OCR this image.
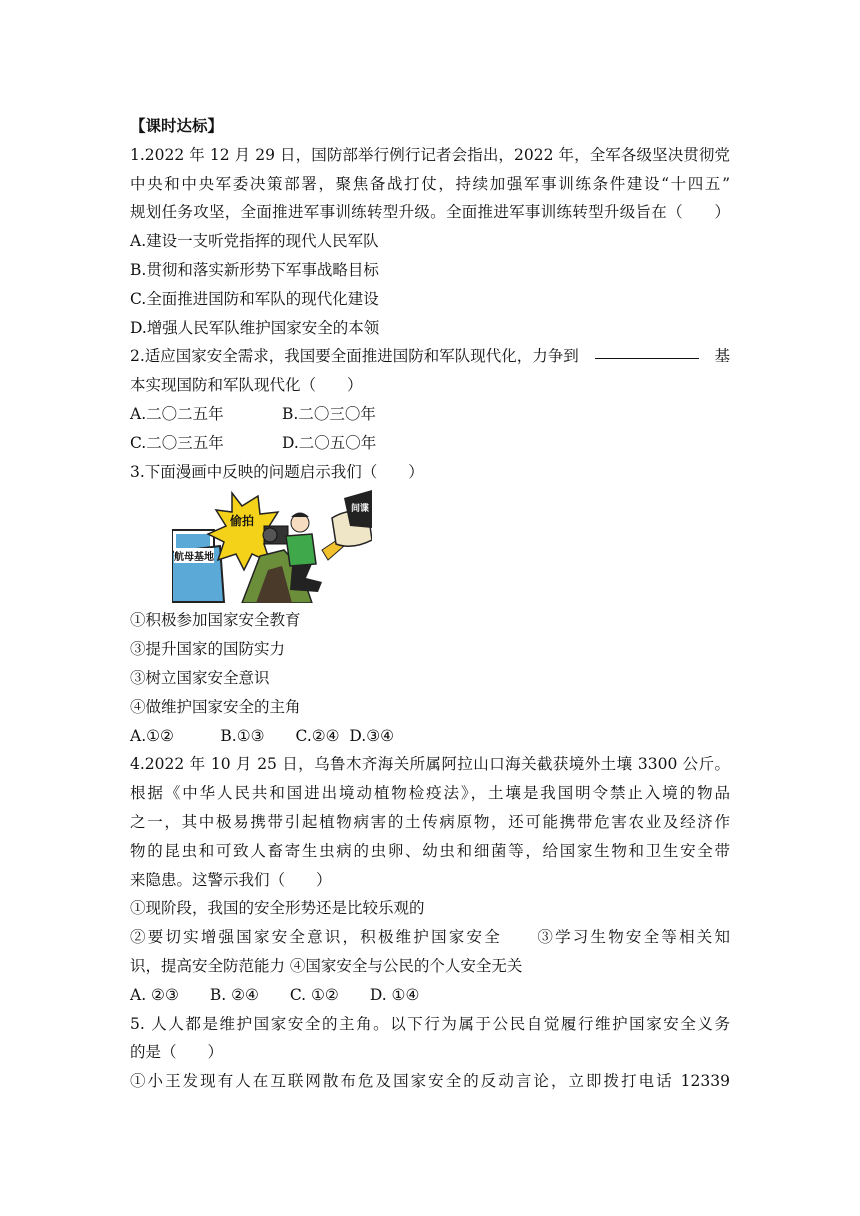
【课时达标】
1.2022 年 12 月 29 日，国防部举行例行记者会指出，2022 年，全军各级坚决贯彻党
中央和中央军委决策部署，聚焦备战打仗，持续加强军事训练条件建设“十四五”
规划任务攻坚，全面推进军事训练转型升级。全面推进军事训练转型升级旨在（　　）
A.建设一支听党指挥的现代人民军队
B.贯彻和落实新形势下军事战略目标
C.全面推进国防和军队的现代化建设
D.增强人民军队维护国家安全的本领
2.适应国家安全需求，我国要全面推进国防和军队现代化，力争到	基
本实现国防和军队现代化（　　）
A.二〇二五年	B.二〇三〇年
C.二〇三五年	D.二〇五〇年
3.下面漫画中反映的问题启示我们（　　）
航母基地
偷拍
间谍
①积极参加国家安全教育
③提升国家的国防实力
③树立国家安全意识
④做维护国家安全的主角
A.①②　　　B.①③　　C.②④  D.③④
4.2022 年 10 月 25 日，乌鲁木齐海关所属阿拉山口海关截获境外土壤 3300 公斤。
根据《中华人民共和国进出境动植物检疫法》，土壤是我国明令禁止入境的物品
之一，其中极易携带引起植物病害的土传病原物，还可能携带危害农业及经济作
物的昆虫和可致人畜寄生虫病的虫卵、幼虫和细菌等，给国家生物和卫生安全带
来隐患。这警示我们（　　）
①现阶段，我国的安全形势还是比较乐观的
②要切实增强国家安全意识，积极维护国家安全　　③学习生物安全等相关知
识，提高安全防范能力 ④国家安全与公民的个人安全无关
A. ②③　　B. ②④　　C. ①②　　D. ①④
5. 人人都是维护国家安全的主角。以下行为属于公民自觉履行维护国家安全义务
的是（　　）
①小王发现有人在互联网散布危及国家安全的反动言论，立即拨打电话 12339
